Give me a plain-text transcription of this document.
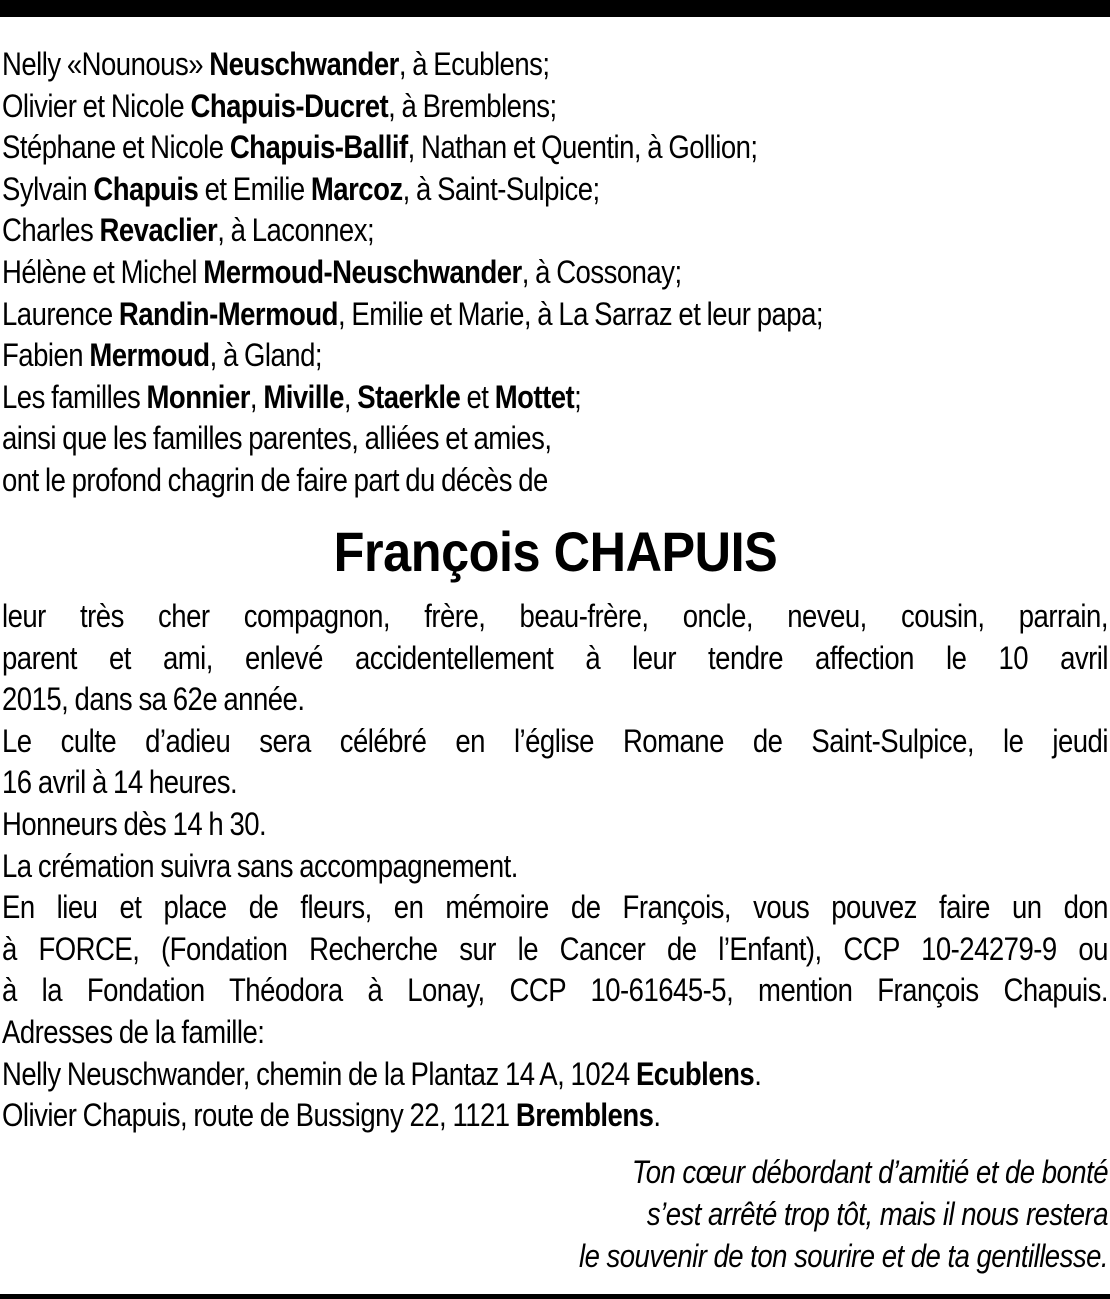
Nelly «Nounous» Neuschwander, à Ecublens;
Olivier et Nicole Chapuis-Ducret, à Bremblens;
Stéphane et Nicole Chapuis-Ballif, Nathan et Quentin, à Gollion;
Sylvain Chapuis et Emilie Marcoz, à Saint-Sulpice;
Charles Revaclier, à Laconnex;
Hélène et Michel Mermoud-Neuschwander, à Cossonay;
Laurence Randin-Mermoud, Emilie et Marie, à La Sarraz et leur papa;
Fabien Mermoud, à Gland;
Les familles Monnier, Miville, Staerkle et Mottet;
ainsi que les familles parentes, alliées et amies,
ont le profond chagrin de faire part du décès de
François CHAPUIS
leur très cher compagnon, frère, beau-frère, oncle, neveu, cousin, parrain,
parent et ami, enlevé accidentellement à leur tendre affection le 10 avril
2015, dans sa 62e année.
Le culte d’adieu sera célébré en l’église Romane de Saint-Sulpice, le jeudi
16 avril à 14 heures.
Honneurs dès 14 h 30.
La crémation suivra sans accompagnement.
En lieu et place de fleurs, en mémoire de François, vous pouvez faire un don
à FORCE, (Fondation Recherche sur le Cancer de l’Enfant), CCP 10-24279-9 ou
à la Fondation Théodora à Lonay, CCP 10-61645-5, mention François Chapuis.
Adresses de la famille:
Nelly Neuschwander, chemin de la Plantaz 14 A, 1024 Ecublens.
Olivier Chapuis, route de Bussigny 22, 1121 Bremblens.
Ton cœur débordant d’amitié et de bonté
s’est arrêté trop tôt, mais il nous restera
le souvenir de ton sourire et de ta gentillesse.
